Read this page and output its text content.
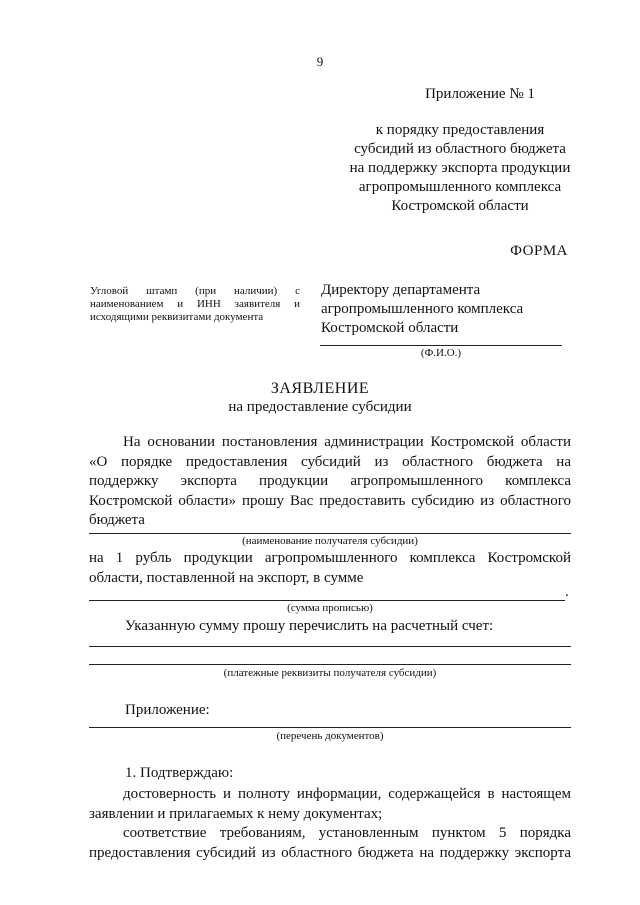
9
Приложение № 1
к порядку предоставления
субсидий из областного бюджета
на поддержку экспорта продукции
агропромышленного комплекса
Костромской области
ФОРМА
Угловой штамп (при наличии) с
наименованием и ИНН заявителя и
исходящими реквизитами документа
Директору департамента
агропромышленного комплекса
Костромской области
(Ф.И.О.)
ЗАЯВЛЕНИЕ
на предоставление субсидии
На основании постановления администрации Костромской области
«О порядке предоставления субсидий из областного бюджета на
поддержку экспорта продукции агропромышленного комплекса
Костромской области» прошу Вас предоставить субсидию из областного
бюджета
(наименование получателя субсидии)
на 1 рубль продукции агропромышленного комплекса Костромской
области, поставленной на экспорт, в сумме
.
(сумма прописью)
Указанную сумму прошу перечислить на расчетный счет:
(платежные реквизиты получателя субсидии)
Приложение:
(перечень документов)
1. Подтверждаю:
достоверность и полноту информации, содержащейся в настоящем
заявлении и прилагаемых к нему документах;
соответствие требованиям, установленным пунктом 5 порядка
предоставления субсидий из областного бюджета на поддержку экспорта
